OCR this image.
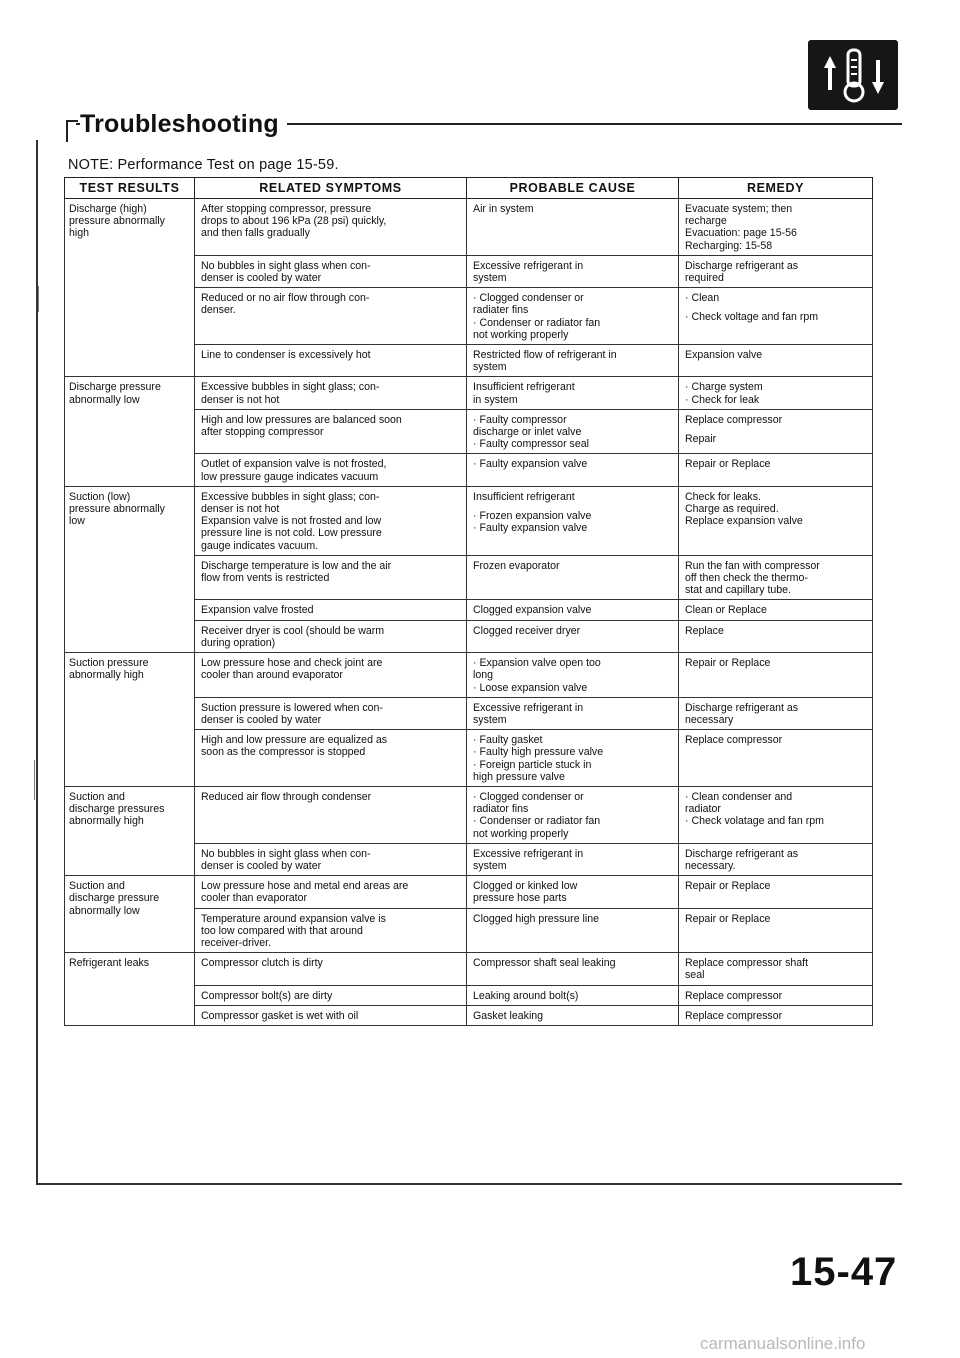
Troubleshooting
NOTE: Performance Test on page 15-59.
TEST RESULTS	RELATED SYMPTOMS	PROBABLE CAUSE	REMEDY

Discharge (high)
pressure abnormally
high	After stopping compressor, pressure
drops to about 196 kPa (28 psi) quickly,
and then falls gradually	Air in system	Evacuate system; then
recharge
Evacuation: page 15-56
Recharging: 15-58

	No bubbles in sight glass when con-
denser is cooled by water	Excessive refrigerant in
system	Discharge refrigerant as
required

	Reduced or no air flow through con-
denser.	· Clogged condenser or
radiater fins
· Condenser or radiator fan
not working properly	· Clean
· Check voltage and fan rpm

	Line to condenser is excessively hot	Restricted flow of refrigerant in
system	Expansion valve

Discharge pressure
abnormally low	Excessive bubbles in sight glass; con-
denser is not hot	Insufficient refrigerant
in system	· Charge system
· Check for leak

	High and low pressures are balanced soon
after stopping compressor	· Faulty compressor
discharge or inlet valve
· Faulty compressor seal	Replace compressor
Repair

	Outlet of expansion valve is not frosted,
low pressure gauge indicates vacuum	· Faulty expansion valve	Repair or Replace

Suction (low)
pressure abnormally
low	Excessive bubbles in sight glass; con-
denser is not hot
Expansion valve is not frosted and low
pressure line is not cold. Low pressure
gauge indicates vacuum.	Insufficient refrigerant
· Frozen expansion valve
· Faulty expansion valve	Check for leaks.
Charge as required.
Replace expansion valve

	Discharge temperature is low and the air
flow from vents is restricted	Frozen evaporator	Run the fan with compressor
off then check the thermo-
stat and capillary tube.

	Expansion valve frosted	Clogged expansion valve	Clean or Replace

	Receiver dryer is cool (should be warm
during opration)	Clogged receiver dryer	Replace

Suction pressure
abnormally high	Low pressure hose and check joint are
cooler than around evaporator	· Expansion valve open too
long
· Loose expansion valve	Repair or Replace

	Suction pressure is lowered when con-
denser is cooled by water	Excessive refrigerant in
system	Discharge refrigerant as
necessary

	High and low pressure are equalized as
soon as the compressor is stopped	· Faulty gasket
· Faulty high pressure valve
· Foreign particle stuck in
high pressure valve	Replace compressor

Suction and
discharge pressures
abnormally high	Reduced air flow through condenser	· Clogged condenser or
radiator fins
· Condenser or radiator fan
not working properly	· Clean condenser and
radiator
· Check volatage and fan rpm

	No bubbles in sight glass when con-
denser is cooled by water	Excessive refrigerant in
system	Discharge refrigerant as
necessary.

Suction and
discharge pressure
abnormally low	Low pressure hose and metal end areas are
cooler than evaporator	Clogged or kinked low
pressure hose parts	Repair or Replace

	Temperature around expansion valve is
too low compared with that around
receiver-driver.	Clogged high pressure line	Repair or Replace

Refrigerant leaks	Compressor clutch is dirty	Compressor shaft seal leaking	Replace compressor shaft
seal

	Compressor bolt(s) are dirty	Leaking around bolt(s)	Replace compressor

	Compressor gasket is wet with oil	Gasket leaking	Replace compressor
15-47
carmanualsonline.info
